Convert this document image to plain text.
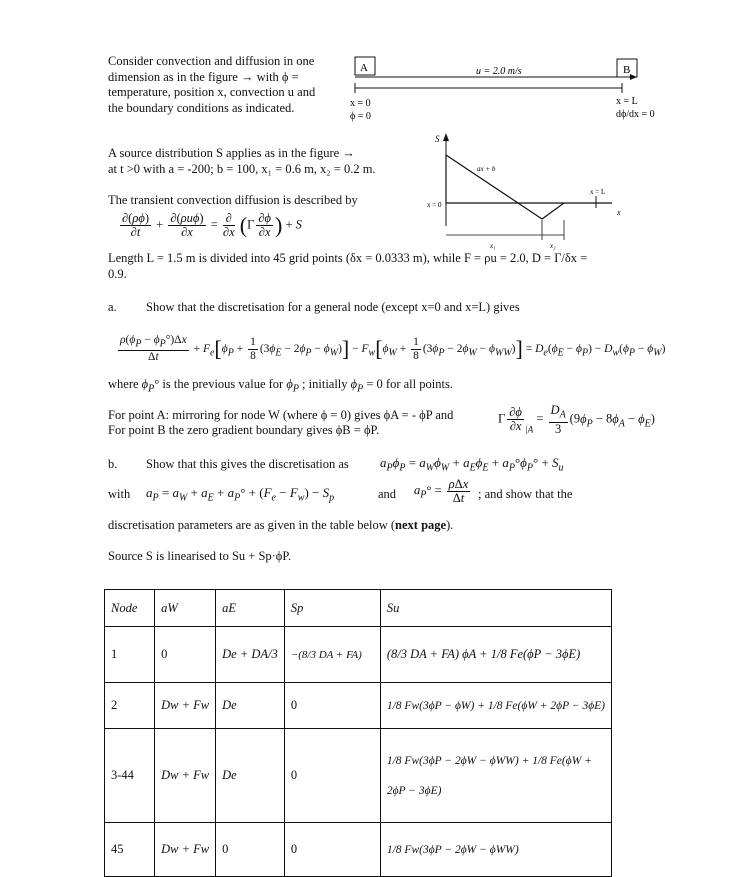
Consider convection and diffusion in one
dimension as in the figure → with ϕ =
temperature, position x, convection u and
the boundary conditions as indicated.
A	B
u = 2.0 m/s
x = 0
ϕ = 0
x = L
dϕ/dx = 0
A source distribution S applies as in the figure →
at t >0 with a = -200; b = 100, x₁ = 0.6 m, x₂ = 0.2 m.
S
x = 0
x = L
x
ax + b
x₁	x₂
The transient convection diffusion is described by
$\frac{\partial(\rho\phi)}{\partial t} + \frac{\text{∂(ρuϕ)}}{\partial x} = \frac{\partial}{\partial x} (\Gamma \frac{\partial\phi}{\partial x}$ ) + S
Length L = 1.5 m is divided into 45 grid points (δx = 0.0333 m), while F = ρu = 2.0, D = Γ/δx =
0.9.
a. Show that the discretisation for a general node (except x=0 and x=L) gives
$\frac{\rho(\phi_P - \phi_P^\circ)\Delta x}{\Delta t} + F_e[\phi_P + \frac{1}{8} (3\phi_E - 2\phi_P - \phi_W)] - F_w[\phi_W + \frac{1}{8} (3\phi_P - 2\phi_W - \phi_{WW})] = D_e(\phi_E - \phi_P) - D_w(\phi_P - \phi_W)$
where $\phi_P^\circ$ is the previous value for $\phi_P$ ; initially $\phi_P = 0$ for all points.
For point A: mirroring for node W (where ϕ = 0) gives ϕA = - ϕP and
For point B the zero gradient boundary gives ϕB = ϕP.
Γ $\frac{\partial\phi}{\partial x} _{|A} = \frac{D_A}{3} (9\phi_P - 8\phi_A - \phi_E)$
b. Show that this gives the discretisation as $a_P\phi_P = a_W\phi_W + a_E\phi_E + a_P^\circ\phi_P^\circ + S_u$
with $a_P = a_W + a_E + a_P^\circ + (F_e - F_w) - S_p$	and $a_P^\circ = \frac{\text{ρΔx}}{\Delta t}$ ; and show that the
discretisation parameters are as given in the table below (next page).
Source S is linearised to Su + Sp·ϕP.
Node	aW	aE	Sp	Su
1	0	De + DA/3	−(8/3 DA + FA)	(8/3 DA + FA) ϕA + 1/8 Fe(ϕP − 3ϕE)
2	Dw + Fw	De	0	1/8 Fw(3ϕP − ϕW) + 1/8 Fe(ϕW + 2ϕP − 3ϕE)
3-44	Dw + Fw	De	0	1/8 Fw(3ϕP − 2ϕW − ϕWW) + 1/8 Fe(ϕW + 2ϕP − 3ϕE)
45	Dw + Fw	0	0	1/8 Fw(3ϕP − 2ϕW − ϕWW)
